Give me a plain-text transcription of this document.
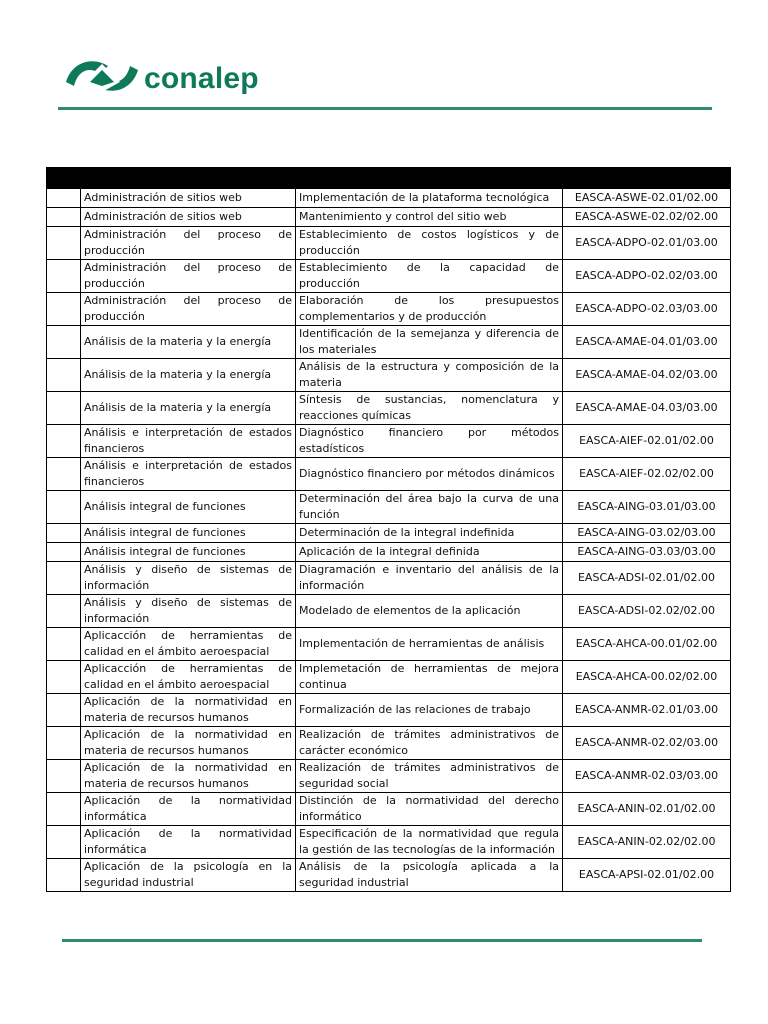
conalep

	Administración de sitios web	Implementación de la plataforma tecnológica	EASCA-ASWE-02.01/02.00
	Administración de sitios web	Mantenimiento y control del sitio web	EASCA-ASWE-02.02/02.00
	Administración del proceso de producción	Establecimiento de costos logísticos y de producción	EASCA-ADPO-02.01/03.00
	Administración del proceso de producción	Establecimiento de la capacidad de producción	EASCA-ADPO-02.02/03.00
	Administración del proceso de producción	Elaboración de los presupuestos complementarios y de producción	EASCA-ADPO-02.03/03.00
	Análisis de la materia y la energía	Identificación de la semejanza y diferencia de los materiales	EASCA-AMAE-04.01/03.00
	Análisis de la materia y la energía	Análisis de la estructura y composición de la materia	EASCA-AMAE-04.02/03.00
	Análisis de la materia y la energía	Síntesis de sustancias, nomenclatura y reacciones químicas	EASCA-AMAE-04.03/03.00
	Análisis e interpretación de estados financieros	Diagnóstico financiero por métodos estadísticos	EASCA-AIEF-02.01/02.00
	Análisis e interpretación de estados financieros	Diagnóstico financiero por métodos dinámicos	EASCA-AIEF-02.02/02.00
	Análisis integral de funciones	Determinación del área bajo la curva de una función	EASCA-AING-03.01/03.00
	Análisis integral de funciones	Determinación de la integral indefinida	EASCA-AING-03.02/03.00
	Análisis integral de funciones	Aplicación de la integral definida	EASCA-AING-03.03/03.00
	Análisis y diseño de sistemas de información	Diagramación e inventario del análisis de la información	EASCA-ADSI-02.01/02.00
	Análisis y diseño de sistemas de información	Modelado de elementos de la aplicación	EASCA-ADSI-02.02/02.00
	Aplicacción de herramientas de calidad en el ámbito aeroespacial	Implementación de herramientas de análisis	EASCA-AHCA-00.01/02.00
	Aplicacción de herramientas de calidad en el ámbito aeroespacial	Implemetación de herramientas de mejora continua	EASCA-AHCA-00.02/02.00
	Aplicación de la normatividad en materia de recursos humanos	Formalización de las relaciones de trabajo	EASCA-ANMR-02.01/03.00
	Aplicación de la normatividad en materia de recursos humanos	Realización de trámites administrativos de carácter económico	EASCA-ANMR-02.02/03.00
	Aplicación de la normatividad en materia de recursos humanos	Realización de trámites administrativos de seguridad social	EASCA-ANMR-02.03/03.00
	Aplicación de la normatividad informática	Distinción de la normatividad del derecho informático	EASCA-ANIN-02.01/02.00
	Aplicación de la normatividad informática	Especificación de la normatividad que regula la gestión de las tecnologías de la información	EASCA-ANIN-02.02/02.00
	Aplicación de la psicología en la seguridad industrial	Análisis de la psicología aplicada a la seguridad industrial	EASCA-APSI-02.01/02.00
